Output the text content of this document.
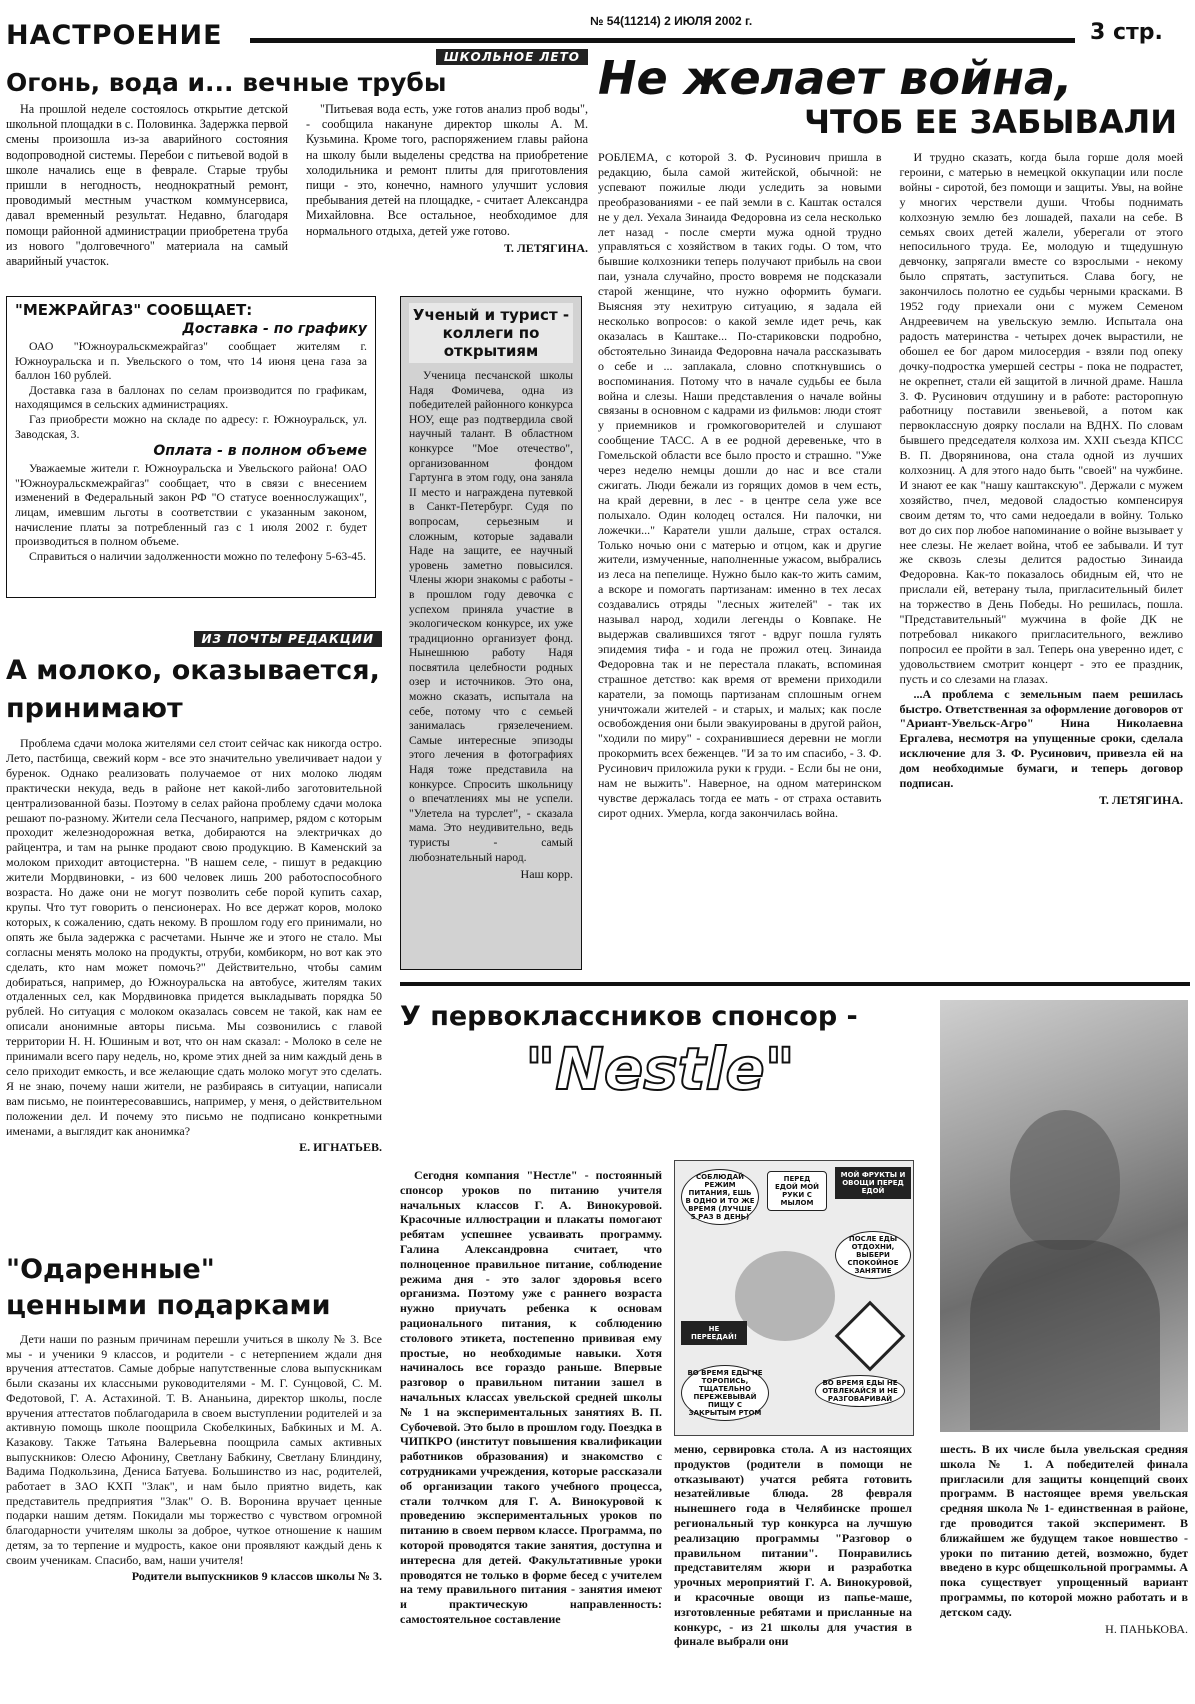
НАСТРОЕНИЕ	№ 54(11214) 2 ИЮЛЯ 2002 г.	3 стр.
ШКОЛЬНОЕ ЛЕТО
Огонь, вода и... вечные трубы

На прошлой неделе состоялось открытие детской школьной площадки в с. Половинка. Задержка первой смены произошла из-за аварийного состояния водопроводной системы. Перебои с питьевой водой в школе начались еще в феврале. Старые трубы пришли в негодность, неоднократный ремонт, проводимый местным участком коммунсервиса, давал временный результат. Недавно, благодаря помощи районной администрации приобретена труба из нового "долговечного" материала на самый аварийный участок.

"Питьевая вода есть, уже готов анализ проб воды", - сообщила накануне директор школы А. М. Кузьмина. Кроме того, распоряжением главы района на школу были выделены средства на приобретение холодильника и ремонт плиты для приготовления пищи - это, конечно, намного улучшит условия пребывания детей на площадке, - считает Александра Михайловна. Все остальное, необходимое для нормального отдыха, детей уже готово.

Т. ЛЕТЯГИНА.
"МЕЖРАЙГАЗ" СООБЩАЕТ:
Доставка - по графику

ОАО "Южноуральскмежрайгаз" сообщает жителям г. Южноуральска и п. Увельского о том, что 14 июня цена газа за баллон 160 рублей.

Доставка газа в баллонах по селам производится по графикам, находящимся в сельских администрациях.

Газ приобрести можно на складе по адресу: г. Южноуральск, ул. Заводская, 3.

Оплата - в полном объеме

Уважаемые жители г. Южноуральска и Увельского района! ОАО "Южноуральскмежрайгаз" сообщает, что в связи с внесением изменений в Федеральный закон РФ "О статусе военнослужащих", лицам, имевшим льготы в соответствии с указанным законом, начисление платы за потребленный газ с 1 июля 2002 г. будет производиться в полном объеме.

Справиться о наличии задолженности можно по телефону 5-63-45.

Ученый и турист - коллеги по открытиям

Ученица песчанской школы Надя Фомичева, одна из победителей районного конкурса НОУ, еще раз подтвердила свой научный талант. В областном конкурсе "Мое отечество", организованном фондом Гартунга в этом году, она заняла II место и награждена путевкой в Санкт-Петербург. Судя по вопросам, серьезным и сложным, которые задавали Наде на защите, ее научный уровень заметно повысился. Члены жюри знакомы с работы - в прошлом году девочка с успехом приняла участие в экологическом конкурсе, их уже традиционно организует фонд. Нынешнюю работу Надя посвятила целебности родных озер и источников. Это она, можно сказать, испытала на себе, потому что с семьей занималась грязелечением. Самые интересные эпизоды этого лечения в фотографиях Надя тоже представила на конкурсе. Спросить школьницу о впечатлениях мы не успели. "Улетела на турслет", - сказала мама. Это неудивительно, ведь туристы - самый любознательный народ.

Наш корр.
Не желает война,
ЧТОБ ЕЕ ЗАБЫВАЛИ

РОБЛЕМА, с которой З. Ф. Русинович пришла в редакцию, была самой житейской, обычной: не успевают пожилые люди уследить за новыми преобразованиями - ее пай земли в с. Каштак остался не у дел. Уехала Зинаида Федоровна из села несколько лет назад - после смерти мужа одной трудно управляться с хозяйством в таких годы. О том, что бывшие колхозники теперь получают прибыль на свои паи, узнала случайно, просто вовремя не подсказали старой женщине, что нужно оформить бумаги. Выясняя эту нехитрую ситуацию, я задала ей несколько вопросов: о какой земле идет речь, как оказалась в Каштаке... По-стариковски подробно, обстоятельно Зинаида Федоровна начала рассказывать о себе и ... заплакала, словно споткнувшись о воспоминания. Потому что в начале судьбы ее была война и слезы. Наши представления о начале войны связаны в основном с кадрами из фильмов: люди стоят у приемников и громкоговорителей и слушают сообщение ТАСС. А в ее родной деревеньке, что в Гомельской области все было просто и страшно. "Уже через неделю немцы дошли до нас и все стали сжигать. Люди бежали из горящих домов в чем есть, на край деревни, в лес - в центре села уже все полыхало. Один колодец остался. Ни палочки, ни ложечки..." Каратели ушли дальше, страх остался. Только ночью они с матерью и отцом, как и другие жители, измученные, наполненные ужасом, выбрались из леса на пепелище. Нужно было как-то жить самим, а вскоре и помогать партизанам: именно в тех лесах создавались отряды "лесных жителей" - так их называл народ, ходили легенды о Ковпаке. Не выдержав свалившихся тягот - вдруг пошла гулять эпидемия тифа - и года не прожил отец. Зинаида Федоровна так и не перестала плакать, вспоминая страшное детство: как время от времени приходили каратели, за помощь партизанам сплошным огнем уничтожали жителей - и старых, и малых; как после освобождения они были эвакуированы в другой район, "ходили по миру" - сохранившиеся деревни не могли прокормить всех беженцев. "И за то им спасибо, - З. Ф. Русинович приложила руки к груди. - Если бы не они, нам не выжить". Наверное, на одном материнском чувстве держалась тогда ее мать - от страха оставить сирот одних. Умерла, когда закончилась война.

И трудно сказать, когда была горше доля моей героини, с матерью в немецкой оккупации или после войны - сиротой, без помощи и защиты. Увы, на войне у многих черствели души. Чтобы поднимать колхозную землю без лошадей, пахали на себе. В семьях своих детей жалели, уберегали от этого непосильного труда. Ее, молодую и тщедушную девчонку, запрягали вместе со взрослыми - некому было спрятать, заступиться. Слава богу, не закончилось полотно ее судьбы черными красками. В 1952 году приехали они с мужем Семеном Андреевичем на увельскую землю. Испытала она радость материнства - четырех дочек вырастили, не обошел ее бог даром милосердия - взяли под опеку дочку-подростка умершей сестры - пока не подрастет, не окрепнет, стали ей защитой в личной драме. Нашла З. Ф. Русинович отдушину и в работе: расторопную работницу поставили звеньевой, а потом как первоклассную доярку послали на ВДНХ. По словам бывшего председателя колхоза им. XXII съезда КПСС В. П. Дворянинова, она стала одной из лучших колхозниц. А для этого надо быть "своей" на чужбине. И знают ее как "нашу каштакскую". Держали с мужем хозяйство, пчел, медовой сладостью компенсируя своим детям то, что сами недоедали в войну. Только вот до сих пор любое напоминание о войне вызывает у нее слезы. Не желает война, чтоб ее забывали. И тут же сквозь слезы делится радостью Зинаида Федоровна. Как-то показалось обидным ей, что не прислали ей, ветерану тыла, пригласительный билет на торжество в День Победы. Но решилась, пошла. "Представительный" мужчина в фойе ДК не потребовал никакого пригласительного, вежливо попросил ее пройти в зал. Теперь она уверенно идет, с удовольствием смотрит концерт - это ее праздник, пусть и со слезами на глазах.

...А проблема с земельным паем решилась быстро. Ответственная за оформление договоров от "Ариант-Увельск-Агро" Нина Николаевна Ергалева, несмотря на упущенные сроки, сделала исключение для З. Ф. Русинович, привезла ей на дом необходимые бумаги, и теперь договор подписан.

Т. ЛЕТЯГИНА.
ИЗ ПОЧТЫ РЕДАКЦИИ
А молоко, оказывается, принимают

Проблема сдачи молока жителями сел стоит сейчас как никогда остро. Лето, пастбища, свежий корм - все это значительно увеличивает надои у буренок. Однако реализовать получаемое от них молоко людям практически некуда, ведь в районе нет какой-либо заготовительной централизованной базы. Поэтому в селах района проблему сдачи молока решают по-разному. Жители села Песчаного, например, рядом с которым проходит железнодорожная ветка, добираются на электричках до райцентра, и там на рынке продают свою продукцию. В Каменский за молоком приходит автоцистерна. "В нашем селе, - пишут в редакцию жители Мордвиновки, - из 600 человек лишь 200 работоспособного возраста. Но даже они не могут позволить себе порой купить сахар, крупы. Что тут говорить о пенсионерах. Но все держат коров, молоко которых, к сожалению, сдать некому. В прошлом году его принимали, но опять же была задержка с расчетами. Нынче же и этого не стало. Мы согласны менять молоко на продукты, отруби, комбикорм, но вот как это сделать, кто нам может помочь?" Действительно, чтобы самим добираться, например, до Южноуральска на автобусе, жителям таких отдаленных сел, как Мордвиновка придется выкладывать порядка 50 рублей. Но ситуация с молоком оказалась совсем не такой, как нам ее описали анонимные авторы письма. Мы созвонились с главой территории Н. Н. Юшиным и вот, что он нам сказал: - Молоко в селе не принимали всего пару недель, но, кроме этих дней за ним каждый день в село приходит емкость, и все желающие сдать молоко могут это сделать. Я не знаю, почему наши жители, не разбираясь в ситуации, написали вам письмо, не поинтересовавшись, например, у меня, о действительном положении дел. И почему это письмо не подписано конкретными именами, а выглядит как анонимка?

Е. ИГНАТЬЕВ.
"Одаренные"
ценными подарками

Дети наши по разным причинам перешли учиться в школу № 3. Все мы - и ученики 9 классов, и родители - с нетерпением ждали дня вручения аттестатов. Самые добрые напутственные слова выпускникам были сказаны их классными руководителями - М. Г. Сунцовой, С. М. Федотовой, Г. А. Астахиной. Т. В. Ананьина, директор школы, после вручения аттестатов поблагодарила в своем выступлении родителей и за активную помощь школе поощрила Скобелкиных, Бабкиных и М. А. Казакову. Также Татьяна Валерьевна поощрила самых активных выпускников: Олесю Афонину, Светлану Бабкину, Светлану Блиндину, Вадима Подкользина, Дениса Батуева. Большинство из нас, родителей, работает в ЗАО КХП "Злак", и нам было приятно видеть, как представитель предприятия "Злак" О. В. Воронина вручает ценные подарки нашим детям. Покидали мы торжество с чувством огромной благодарности учителям школы за доброе, чуткое отношение к нашим детям, за то терпение и мудрость, какое они проявляют каждый день к своим ученикам. Спасибо, вам, наши учителя!

Родители выпускников 9 классов школы № 3.
У первоклассников спонсор -
"Nestle"
СОБЛЮДАЙ РЕЖИМ ПИТАНИЯ, ЕШЬ В ОДНО И ТО ЖЕ ВРЕМЯ (ЛУЧШЕ 5 РАЗ В ДЕНЬ)
ПЕРЕД ЕДОЙ МОЙ РУКИ С МЫЛОМ
МОЙ ФРУКТЫ И ОВОЩИ ПЕРЕД ЕДОЙ
ПОСЛЕ ЕДЫ ОТДОХНИ, ВЫБЕРИ СПОКОЙНОЕ ЗАНЯТИЕ
НЕ ПЕРЕЕДАЙ!
ВО ВРЕМЯ ЕДЫ НЕ ТОРОПИСЬ, ТЩАТЕЛЬНО ПЕРЕЖЕВЫВАЙ ПИЩУ С ЗАКРЫТЫМ РТОМ
ВО ВРЕМЯ ЕДЫ НЕ ОТВЛЕКАЙСЯ И НЕ РАЗГОВАРИВАЙ

Сегодня компания "Нестле" - постоянный спонсор уроков по питанию учителя начальных классов Г. А. Винокуровой. Красочные иллюстрации и плакаты помогают ребятам успешнее усваивать программу. Галина Александровна считает, что полноценное правильное питание, соблюдение режима дня - это залог здоровья всего организма. Поэтому уже с раннего возраста нужно приучать ребенка к основам рационального питания, к соблюдению столового этикета, постепенно прививая ему простые, но необходимые навыки. Хотя начиналось все гораздо раньше. Впервые разговор о правильном питании зашел в начальных классах увельской средней школы № 1 на экспериментальных занятиях В. П. Субочевой. Это было в прошлом году. Поездка в ЧИПКРО (институт повышения квалификации работников образования) и знакомство с сотрудниками учреждения, которые рассказали об организации такого учебного процесса, стали толчком для Г. А. Винокуровой к проведению экспериментальных уроков по питанию в своем первом классе. Программа, по которой проводятся такие занятия, доступна и интересна для детей. Факультативные уроки проводятся не только в форме бесед с учителем на тему правильного питания - занятия имеют и практическую направленность: самостоятельное составление

меню, сервировка стола. А из настоящих продуктов (родители в помощи не отказывают) учатся ребята готовить незатейливые блюда. 28 февраля нынешнего года в Челябинске прошел региональный тур конкурса на лучшую реализацию программы "Разговор о правильном питании". Понравились представителям жюри и разработка урочных мероприятий Г. А. Винокуровой, и красочные овощи из папье-маше, изготовленные ребятами и присланные на конкурс, - из 21 школы для участия в финале выбрали они

шесть. В их числе была увельская средняя школа № 1. А победителей финала пригласили для защиты концепций своих программ. В настоящее время увельская средняя школа № 1- единственная в районе, где проводится такой эксперимент. В ближайшем же будущем такое новшество - уроки по питанию детей, возможно, будет введено в курс общешкольной программы. А пока существует упрощенный вариант программы, по которой можно работать и в детском саду.

Н. ПАНЬКОВА.
